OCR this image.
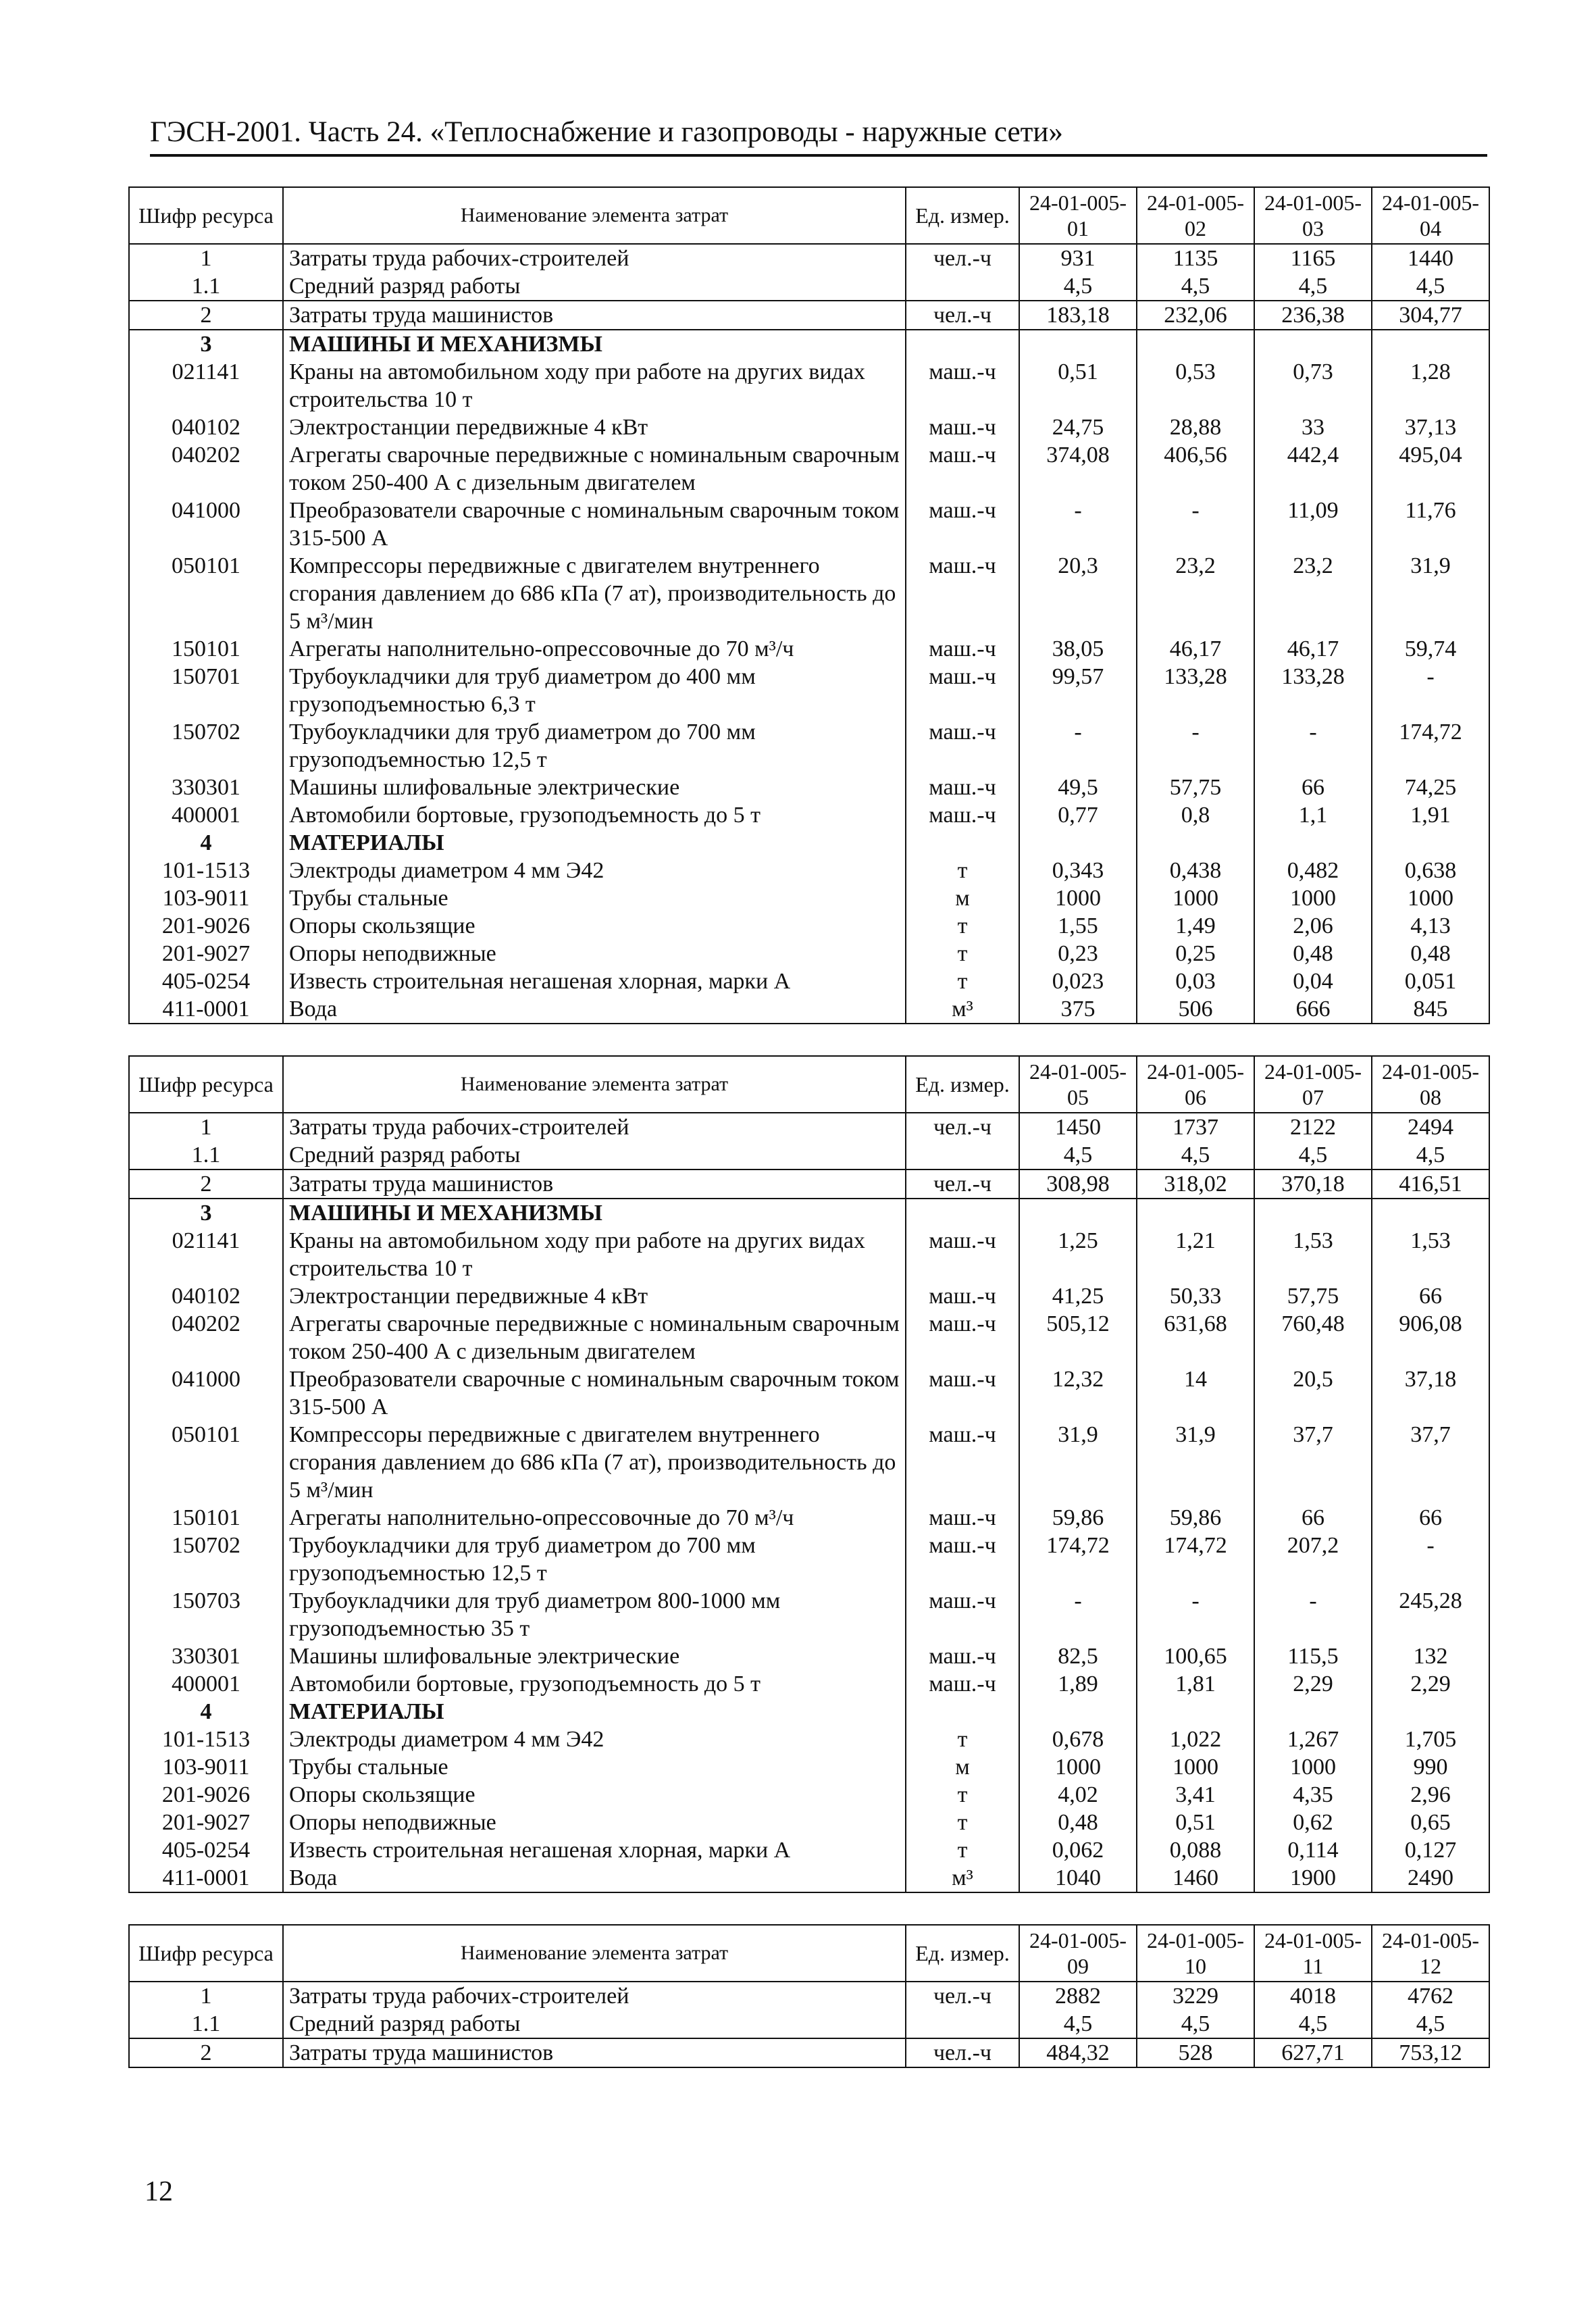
ГЭСН-2001. Часть 24. «Теплоснабжение и газопроводы - наружные сети»
Шифр ресурса	Наименование элемента затрат	Ед. измер.	24-01-005-01	24-01-005-02	24-01-005-03	24-01-005-04
1	Затраты труда рабочих-строителей	чел.-ч	931	1135	1165	1440
1.1	Средний разряд работы		4,5	4,5	4,5	4,5
2	Затраты труда машинистов	чел.-ч	183,18	232,06	236,38	304,77
3	МАШИНЫ И МЕХАНИЗМЫ					
021141	Краны на автомобильном ходу при работе на других видах строительства 10 т	маш.-ч	0,51	0,53	0,73	1,28
040102	Электростанции передвижные 4 кВт	маш.-ч	24,75	28,88	33	37,13
040202	Агрегаты сварочные передвижные с номинальным сварочным током 250-400 А с дизельным двигателем	маш.-ч	374,08	406,56	442,4	495,04
041000	Преобразователи сварочные с номинальным сварочным током 315-500 А	маш.-ч	-	-	11,09	11,76
050101	Компрессоры передвижные с двигателем внутреннего сгорания давлением до 686 кПа (7 ат), производительность до 5 м³/мин	маш.-ч	20,3	23,2	23,2	31,9
150101	Агрегаты наполнительно-опрессовочные до 70 м³/ч	маш.-ч	38,05	46,17	46,17	59,74
150701	Трубоукладчики для труб диаметром до 400 мм грузоподъемностью 6,3 т	маш.-ч	99,57	133,28	133,28	-
150702	Трубоукладчики для труб диаметром до 700 мм грузоподъемностью 12,5 т	маш.-ч	-	-	-	174,72
330301	Машины шлифовальные электрические	маш.-ч	49,5	57,75	66	74,25
400001	Автомобили бортовые, грузоподъемность до 5 т	маш.-ч	0,77	0,8	1,1	1,91
4	МАТЕРИАЛЫ					
101-1513	Электроды диаметром 4 мм Э42	т	0,343	0,438	0,482	0,638
103-9011	Трубы стальные	м	1000	1000	1000	1000
201-9026	Опоры скользящие	т	1,55	1,49	2,06	4,13
201-9027	Опоры неподвижные	т	0,23	0,25	0,48	0,48
405-0254	Известь строительная негашеная хлорная, марки А	т	0,023	0,03	0,04	0,051
411-0001	Вода	м³	375	506	666	845
Шифр ресурса	Наименование элемента затрат	Ед. измер.	24-01-005-05	24-01-005-06	24-01-005-07	24-01-005-08
1	Затраты труда рабочих-строителей	чел.-ч	1450	1737	2122	2494
1.1	Средний разряд работы		4,5	4,5	4,5	4,5
2	Затраты труда машинистов	чел.-ч	308,98	318,02	370,18	416,51
3	МАШИНЫ И МЕХАНИЗМЫ					
021141	Краны на автомобильном ходу при работе на других видах строительства 10 т	маш.-ч	1,25	1,21	1,53	1,53
040102	Электростанции передвижные 4 кВт	маш.-ч	41,25	50,33	57,75	66
040202	Агрегаты сварочные передвижные с номинальным сварочным током 250-400 А с дизельным двигателем	маш.-ч	505,12	631,68	760,48	906,08
041000	Преобразователи сварочные с номинальным сварочным током 315-500 А	маш.-ч	12,32	14	20,5	37,18
050101	Компрессоры передвижные с двигателем внутреннего сгорания давлением до 686 кПа (7 ат), производительность до 5 м³/мин	маш.-ч	31,9	31,9	37,7	37,7
150101	Агрегаты наполнительно-опрессовочные до 70 м³/ч	маш.-ч	59,86	59,86	66	66
150702	Трубоукладчики для труб диаметром до 700 мм грузоподъемностью 12,5 т	маш.-ч	174,72	174,72	207,2	-
150703	Трубоукладчики для труб диаметром 800-1000 мм грузоподъемностью 35 т	маш.-ч	-	-	-	245,28
330301	Машины шлифовальные электрические	маш.-ч	82,5	100,65	115,5	132
400001	Автомобили бортовые, грузоподъемность до 5 т	маш.-ч	1,89	1,81	2,29	2,29
4	МАТЕРИАЛЫ					
101-1513	Электроды диаметром 4 мм Э42	т	0,678	1,022	1,267	1,705
103-9011	Трубы стальные	м	1000	1000	1000	990
201-9026	Опоры скользящие	т	4,02	3,41	4,35	2,96
201-9027	Опоры неподвижные	т	0,48	0,51	0,62	0,65
405-0254	Известь строительная негашеная хлорная, марки А	т	0,062	0,088	0,114	0,127
411-0001	Вода	м³	1040	1460	1900	2490
Шифр ресурса	Наименование элемента затрат	Ед. измер.	24-01-005-09	24-01-005-10	24-01-005-11	24-01-005-12
1	Затраты труда рабочих-строителей	чел.-ч	2882	3229	4018	4762
1.1	Средний разряд работы		4,5	4,5	4,5	4,5
2	Затраты труда машинистов	чел.-ч	484,32	528	627,71	753,12
12
